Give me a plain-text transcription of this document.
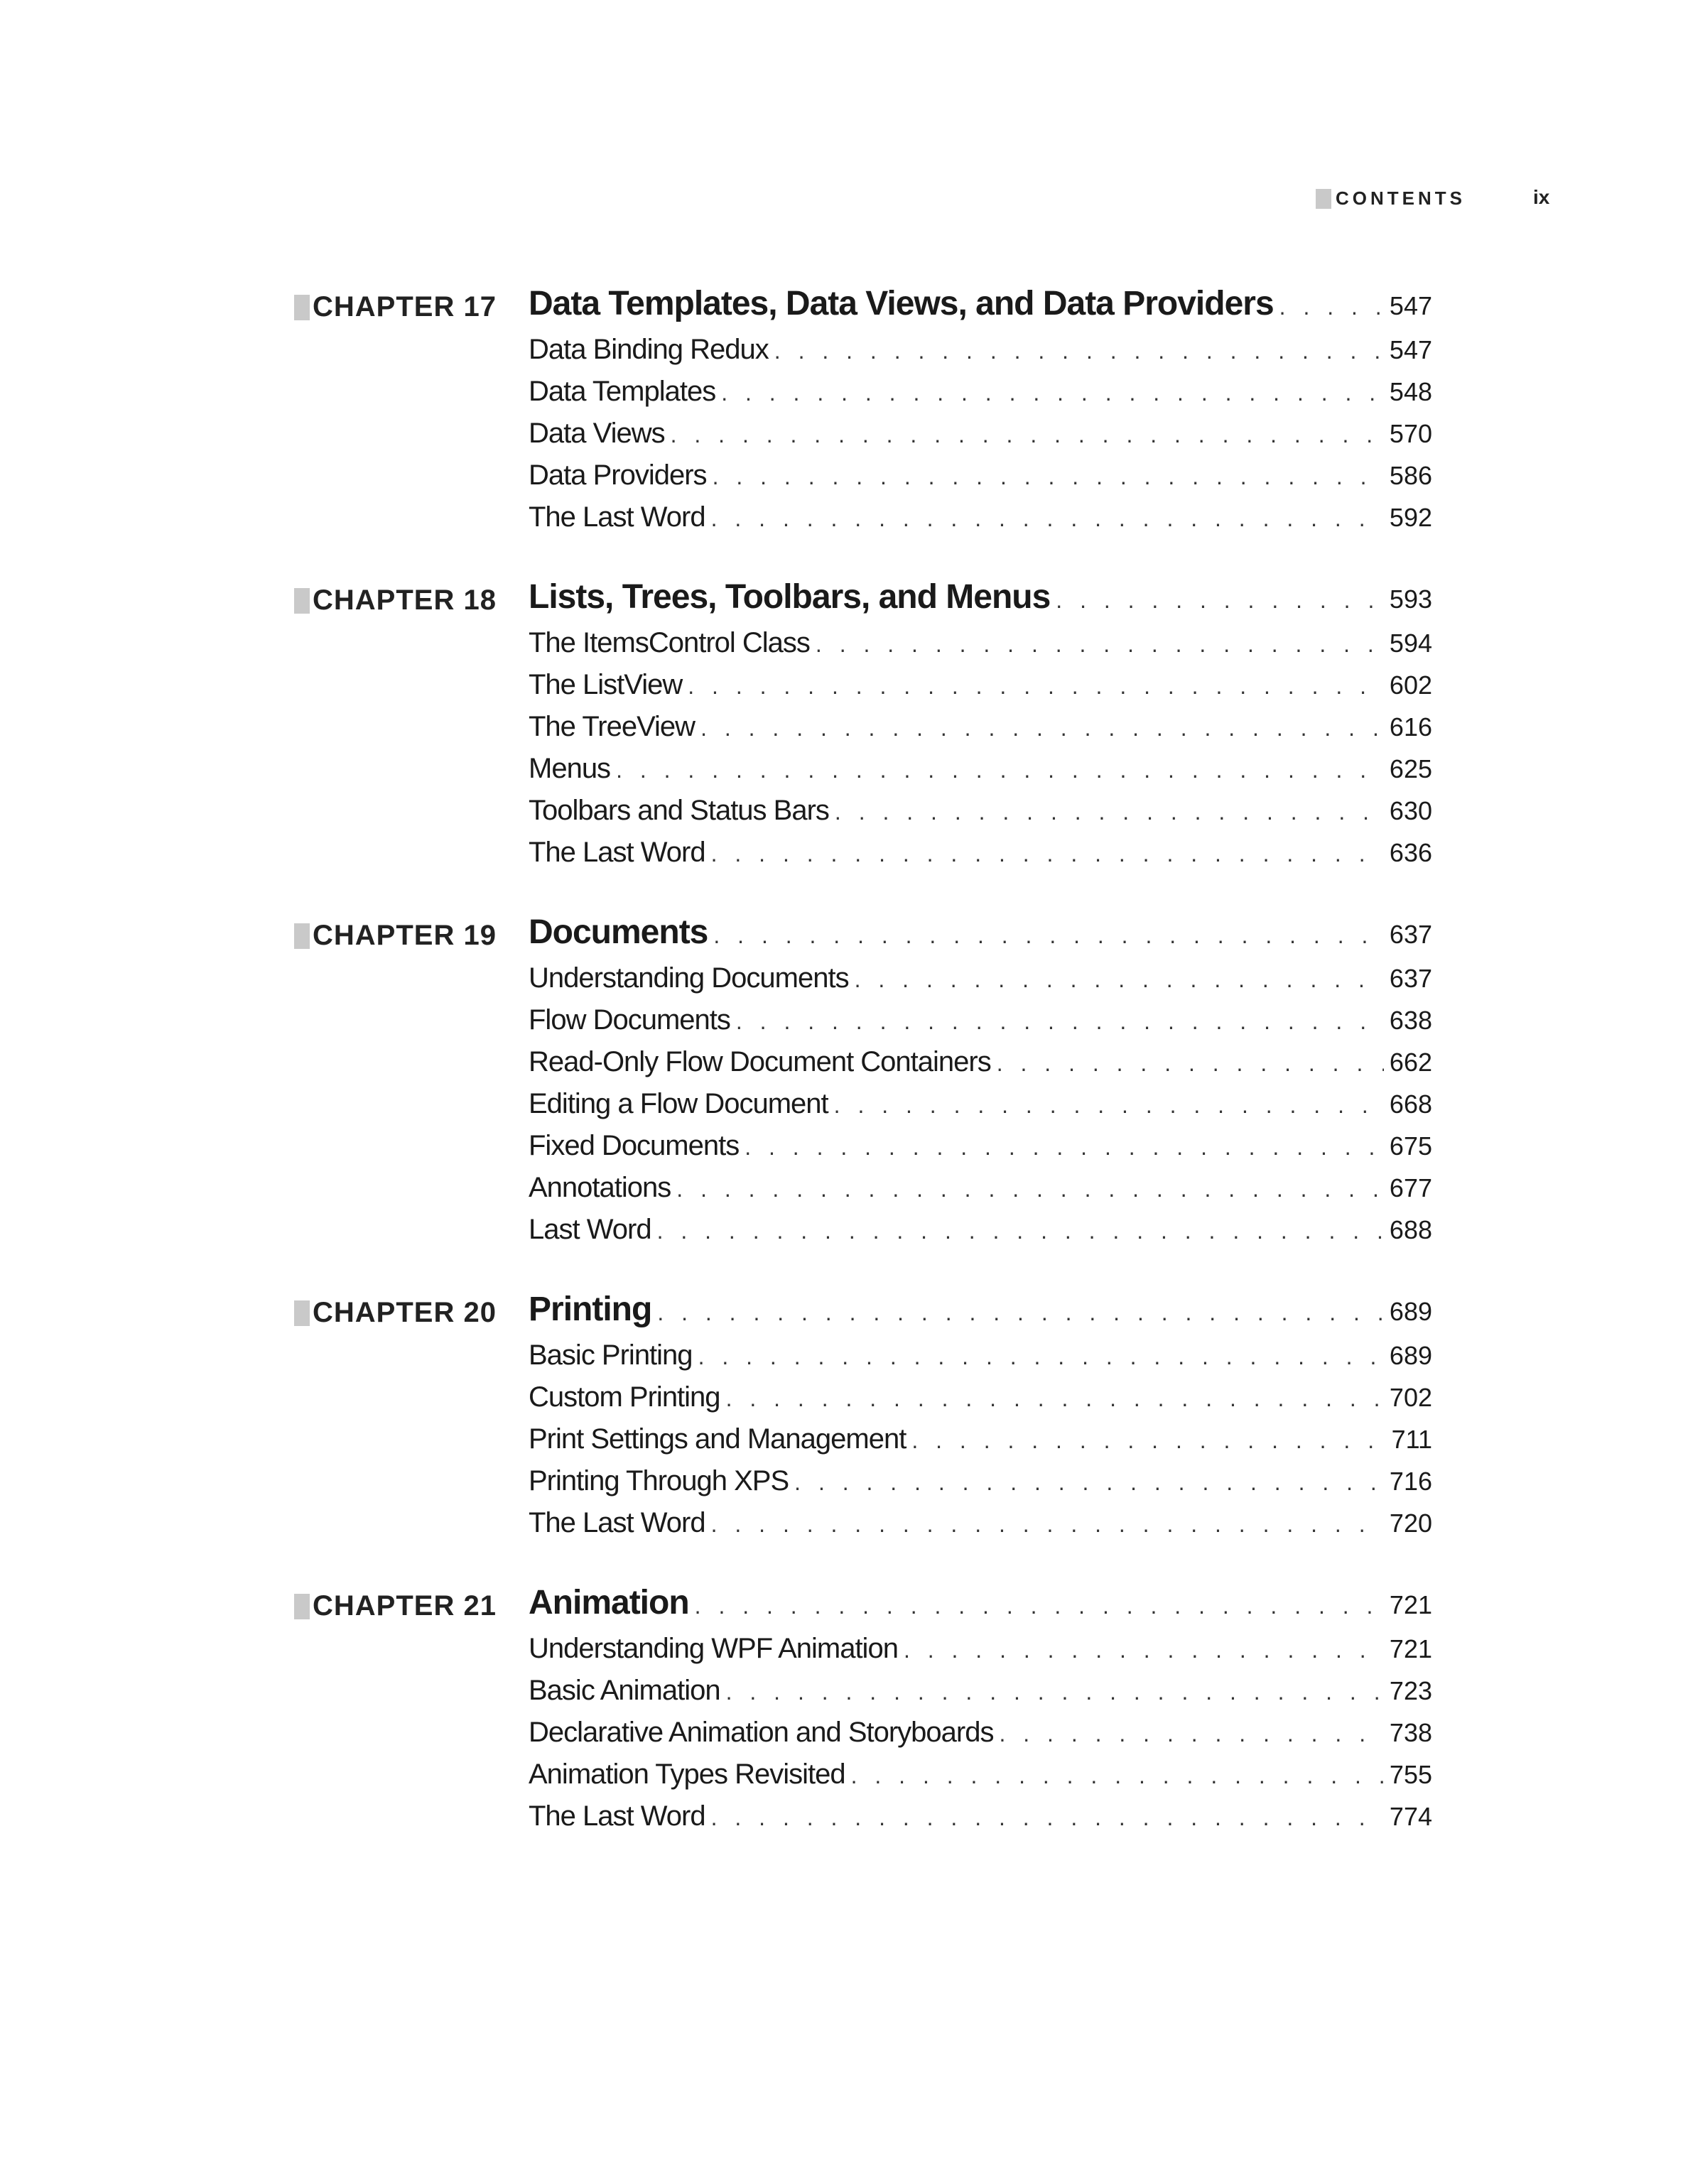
CONTENTS	ix
CHAPTER 17 Data Templates, Data Views, and Data Providers . . .	547
Data Binding Redux . . .	547
Data Templates . . .	548
Data Views . . .	570
Data Providers . . .	586
The Last Word . . .	592
CHAPTER 18 Lists, Trees, Toolbars, and Menus . . .	593
The ItemsControl Class . . .	594
The ListView . . .	602
The TreeView . . .	616
Menus . . .	625
Toolbars and Status Bars . . .	630
The Last Word . . .	636
CHAPTER 19 Documents . . .	637
Understanding Documents . . .	637
Flow Documents . . .	638
Read-Only Flow Document Containers . . .	662
Editing a Flow Document . . .	668
Fixed Documents . . .	675
Annotations . . .	677
Last Word . . .	688
CHAPTER 20 Printing . . .	689
Basic Printing . . .	689
Custom Printing . . .	702
Print Settings and Management . . .	711
Printing Through XPS . . .	716
The Last Word . . .	720
CHAPTER 21 Animation . . .	721
Understanding WPF Animation . . .	721
Basic Animation . . .	723
Declarative Animation and Storyboards . . .	738
Animation Types Revisited . . .	755
The Last Word . . .	774
